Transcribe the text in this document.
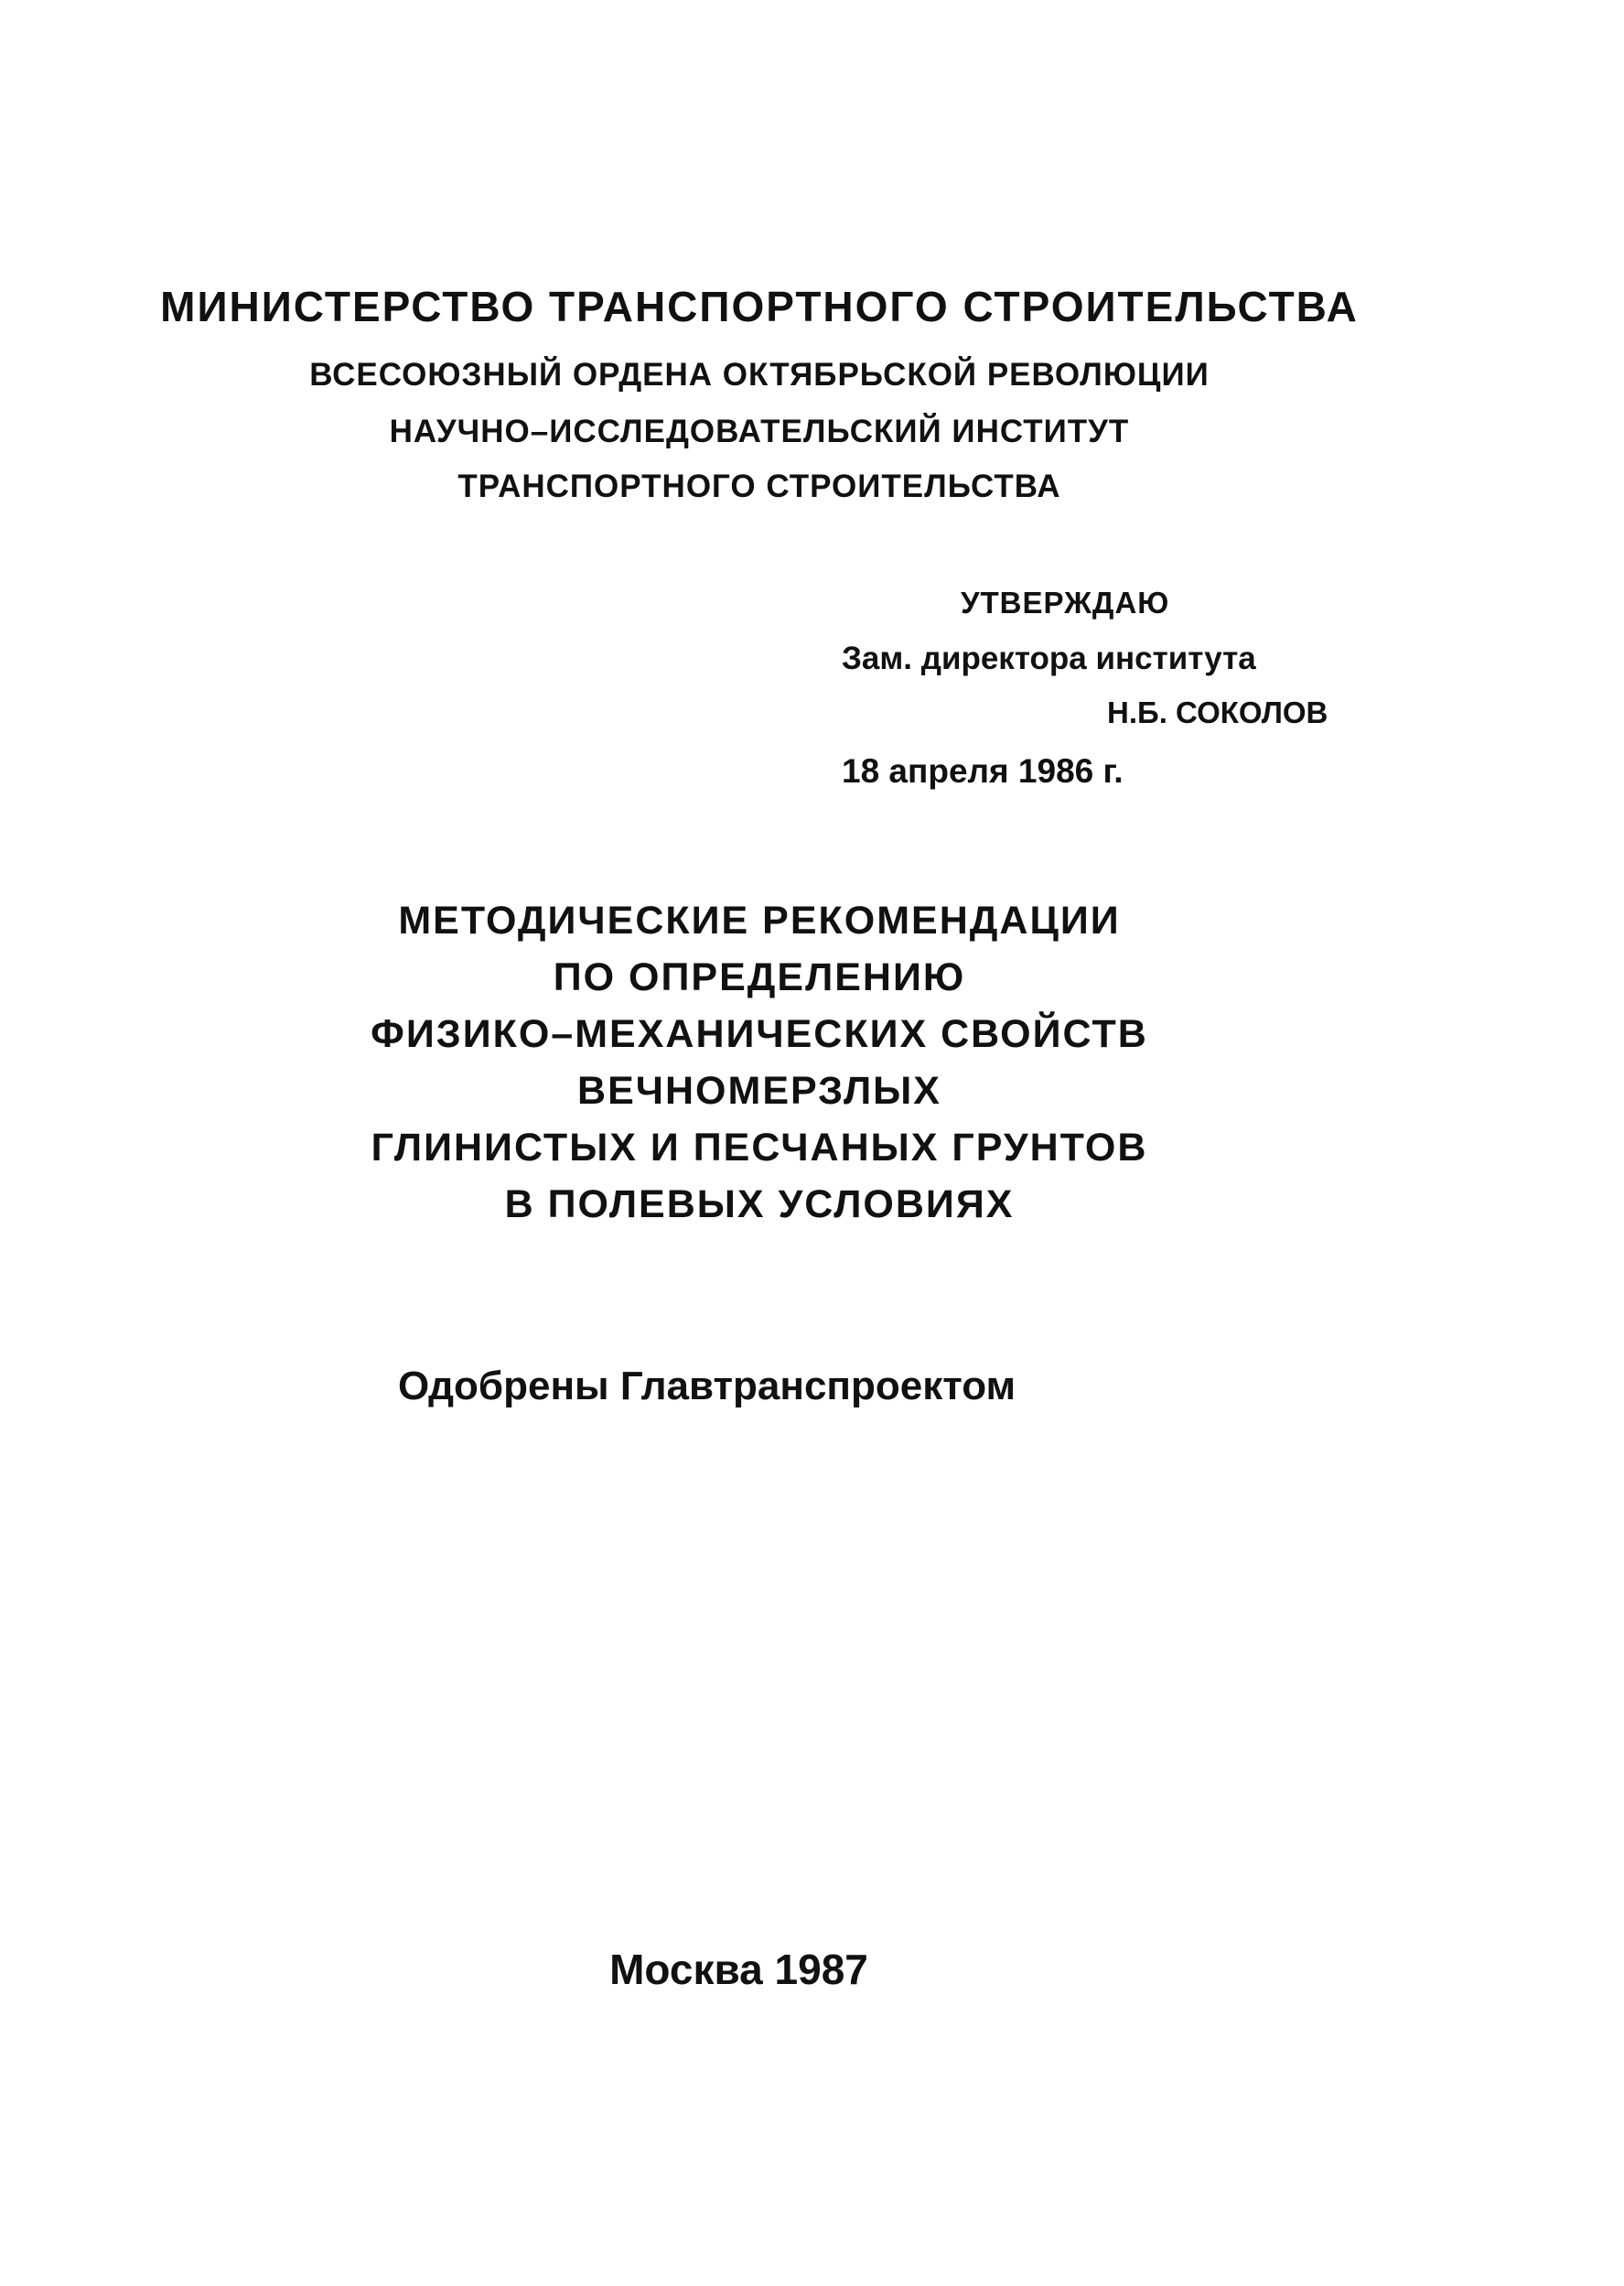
МИНИСТЕРСТВО ТРАНСПОРТНОГО СТРОИТЕЛЬСТВА
ВСЕСОЮЗНЫЙ ОРДЕНА ОКТЯБРЬСКОЙ РЕВОЛЮЦИИ
НАУЧНО–ИССЛЕДОВАТЕЛЬСКИЙ ИНСТИТУТ
ТРАНСПОРТНОГО СТРОИТЕЛЬСТВА
УТВЕРЖДАЮ
Зам. директора института
Н.Б. СОКОЛОВ
18 апреля 1986 г.
МЕТОДИЧЕСКИЕ РЕКОМЕНДАЦИИ
ПО ОПРЕДЕЛЕНИЮ
ФИЗИКО–МЕХАНИЧЕСКИХ СВОЙСТВ
ВЕЧНОМЕРЗЛЫХ
ГЛИНИСТЫХ И ПЕСЧАНЫХ ГРУНТОВ
В ПОЛЕВЫХ УСЛОВИЯХ
Одобрены Главтранспроектом
Москва 1987
